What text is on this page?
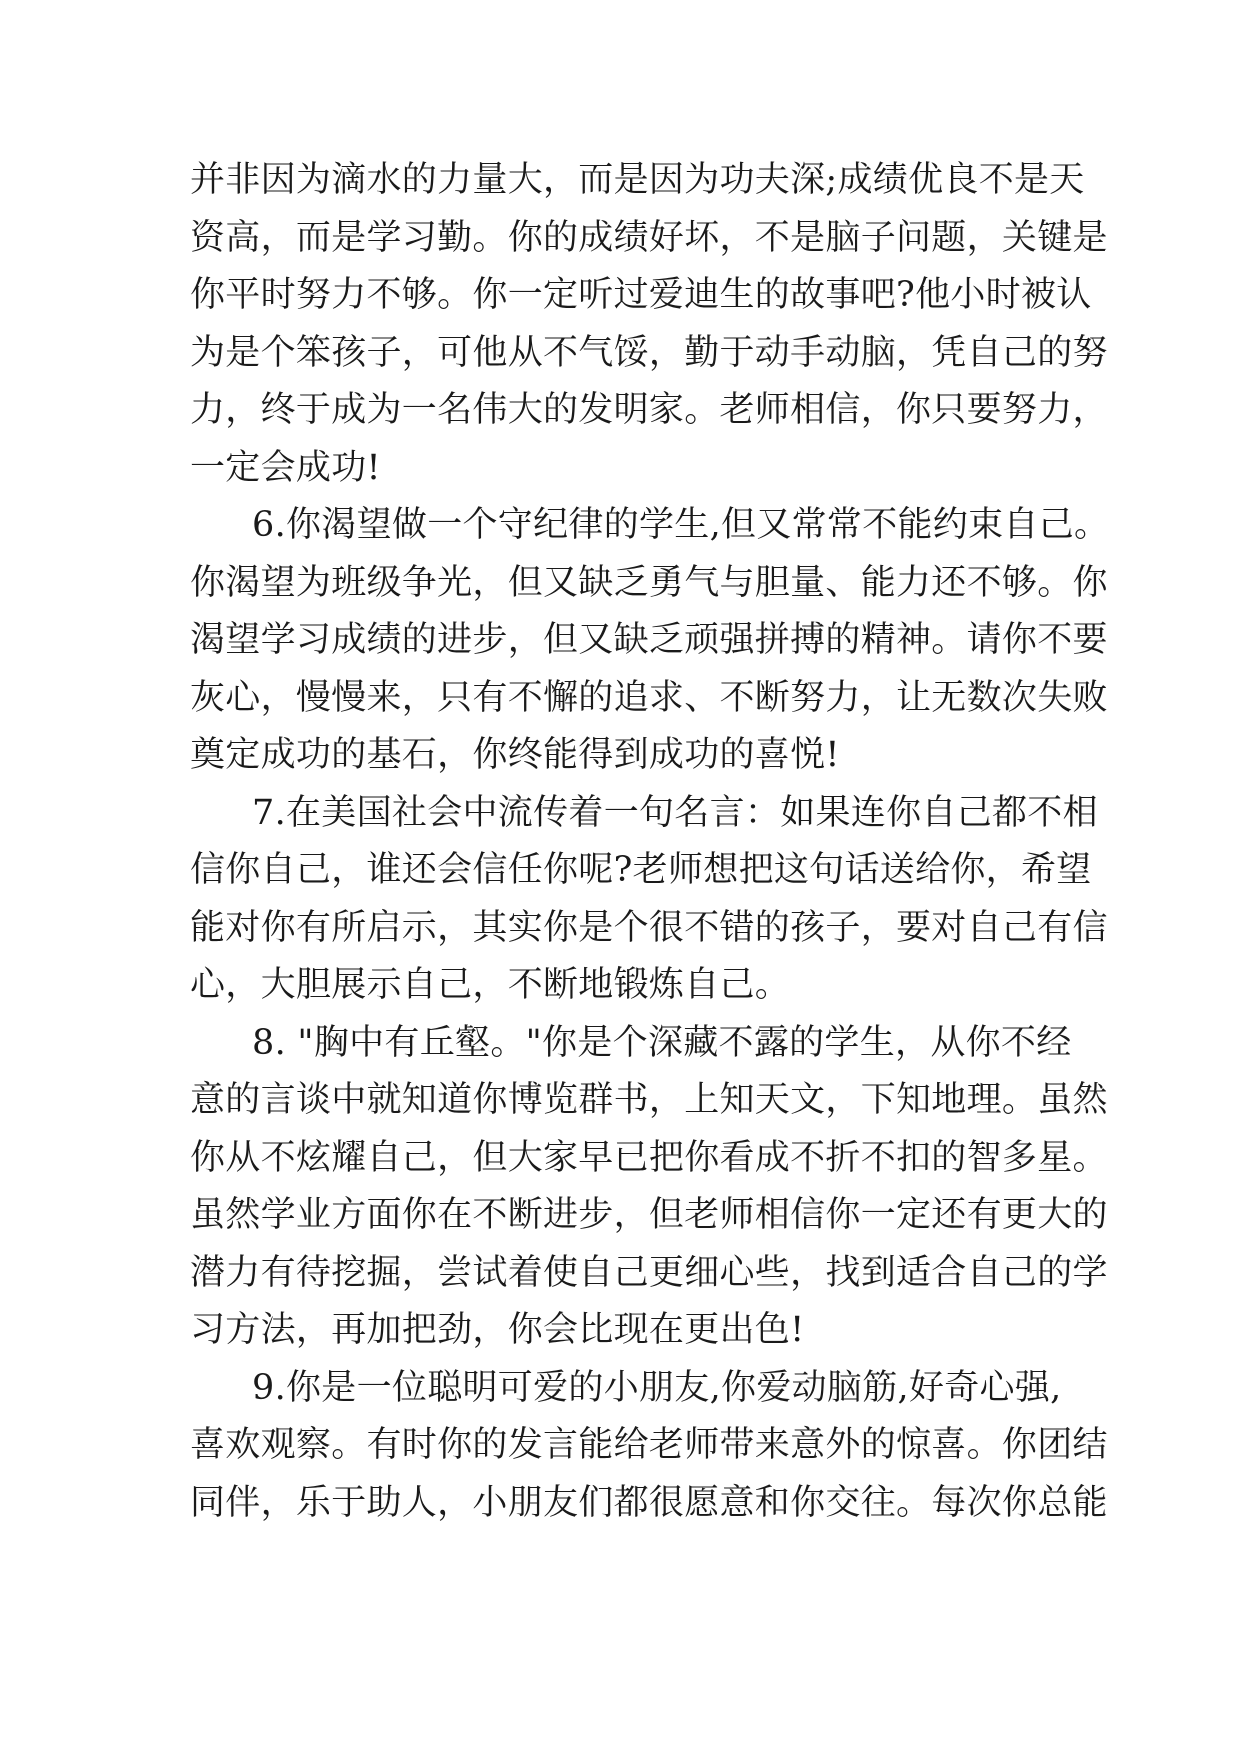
并非因为滴水的力量大，而是因为功夫深;成绩优良不是天
资高，而是学习勤。你的成绩好坏，不是脑子问题，关键是
你平时努力不够。你一定听过爱迪生的故事吧?他小时被认
为是个笨孩子，可他从不气馁，勤于动手动脑，凭自己的努
力，终于成为一名伟大的发明家。老师相信，你只要努力，
一定会成功!
6.你渴望做一个守纪律的学生,但又常常不能约束自己。
你渴望为班级争光，但又缺乏勇气与胆量、能力还不够。你
渴望学习成绩的进步，但又缺乏顽强拼搏的精神。请你不要
灰心，慢慢来，只有不懈的追求、不断努力，让无数次失败
奠定成功的基石，你终能得到成功的喜悦!
7.在美国社会中流传着一句名言：如果连你自己都不相
信你自己，谁还会信任你呢?老师想把这句话送给你，希望
能对你有所启示，其实你是个很不错的孩子，要对自己有信
心，大胆展示自己，不断地锻炼自己。
8. "胸中有丘壑。"你是个深藏不露的学生，从你不经
意的言谈中就知道你博览群书，上知天文，下知地理。虽然
你从不炫耀自己，但大家早已把你看成不折不扣的智多星。
虽然学业方面你在不断进步，但老师相信你一定还有更大的
潜力有待挖掘，尝试着使自己更细心些，找到适合自己的学
习方法，再加把劲，你会比现在更出色!
9.你是一位聪明可爱的小朋友,你爱动脑筋,好奇心强,
喜欢观察。有时你的发言能给老师带来意外的惊喜。你团结
同伴，乐于助人，小朋友们都很愿意和你交往。每次你总能
